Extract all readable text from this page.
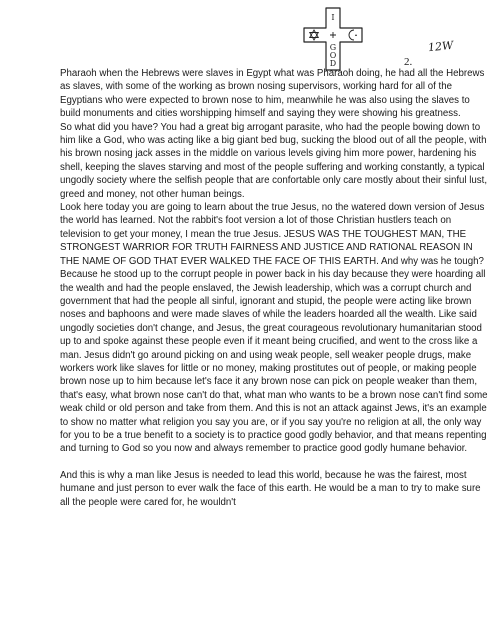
I
G
O
D	2.
12W

Pharaoh when the Hebrews were slaves in Egypt what was Pharaoh doing, he had all the Hebrews as slaves, with some of the working as brown nosing supervisors, working hard for all of the Egyptians who were expected to brown nose to him, meanwhile he was also using the slaves to build monuments and cities worshipping himself and saying they were showing his greatness.

So what did you have? You had a great big arrogant parasite, who had the people bowing down to him like a God, who was acting like a big giant bed bug, sucking the blood out of all the people, with his brown nosing jack asses in the middle on various levels giving him more power, hardening his shell, keeping the slaves starving and most of the people suffering and working constantly, a typical ungodly society where the selfish people that are confortable only care mostly about their sinful lust, greed and money, not other human beings.

Look here today you are going to learn about the true Jesus, no the watered down version of Jesus the world has learned. Not the rabbit's foot version a lot of those Christian hustlers teach on television to get your money, I mean the true Jesus. JESUS WAS THE TOUGHEST MAN, THE STRONGEST WARRIOR FOR TRUTH FAIRNESS AND JUSTICE AND RATIONAL REASON IN THE NAME OF GOD THAT EVER WALKED THE FACE OF THIS EARTH. And why was he tough? Because he stood up to the corrupt people in power back in his day because they were hoarding all the wealth and had the people enslaved, the Jewish leadership, which was a corrupt church and government that had the people all sinful, ignorant and stupid, the people were acting like brown noses and baphoons and were made slaves of while the leaders hoarded all the wealth. Like said ungodly societies don't change, and Jesus, the great courageous revolutionary humanitarian stood up to and spoke against these people even if it meant being crucified, and went to the cross like a man. Jesus didn't go around picking on and using weak people, sell weaker people drugs, make workers work like slaves for little or no money, making prostitutes out of people, or making people brown nose up to him because let's face it any brown nose can pick on people weaker than them, that's easy, what brown nose can't do that, what man who wants to be a brown nose can't find some weak child or old person and take from them. And this is not an attack against Jews, it's an example to show no matter what religion you say you are, or if you say you're no religion at all, the only way for you to be a true benefit to a society is to practice good godly behavior, and that means repenting and turning to God so you now and always remember to practice good godly humane behavior.

And this is why a man like Jesus is needed to lead this world, because he was the fairest, most humane and just person to ever walk the face of this earth. He would be a man to try to make sure all the people were cared for, he wouldn't
